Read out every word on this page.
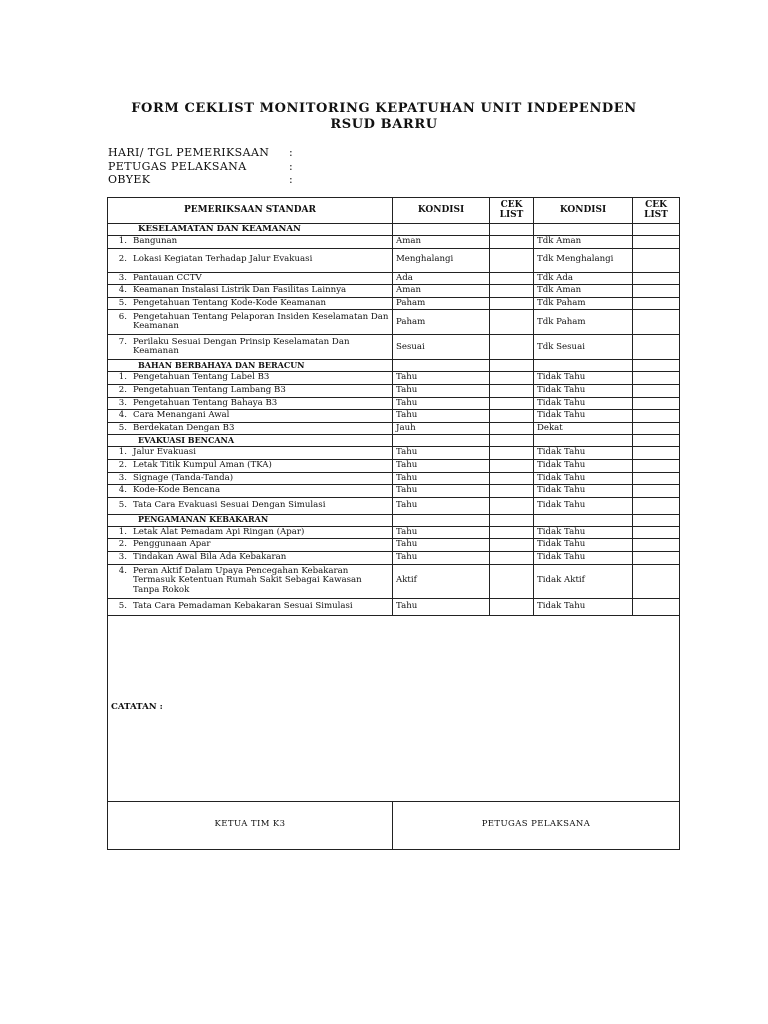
FORM CEKLIST MONITORING KEPATUHAN UNIT INDEPENDEN
RSUD BARRU
HARI/ TGL PEMERIKSAAN	:
PETUGAS PELAKSANA	:
OBYEK	:
PEMERIKSAAN STANDAR	KONDISI	CEK LIST	KONDISI	CEK LIST
KESELAMATAN DAN KEAMANAN				

1. Bangunan	Aman		Tdk Aman	

2. Lokasi Kegiatan Terhadap Jalur Evakuasi	Menghalangi		Tdk Menghalangi	

3. Pantauan CCTV	Ada		Tdk Ada	

4. Keamanan Instalasi Listrik Dan Fasilitas Lainnya	Aman		Tdk Aman	

5. Pengetahuan Tentang Kode-Kode Keamanan	Paham		Tdk Paham	

6. Pengetahuan Tentang Pelaporan Insiden Keselamatan Dan Keamanan	Paham		Tdk Paham	

7. Perilaku Sesuai Dengan Prinsip Keselamatan Dan Keamanan	Sesuai		Tdk Sesuai	
BAHAN BERBAHAYA DAN BERACUN				

1. Pengetahuan Tentang Label B3	Tahu		Tidak Tahu	

2. Pengetahuan Tentang Lambang B3	Tahu		Tidak Tahu	

3. Pengetahuan Tentang Bahaya B3	Tahu		Tidak Tahu	

4. Cara Menangani Awal	Tahu		Tidak Tahu	

5. Berdekatan Dengan B3	Jauh		Dekat	
EVAKUASI BENCANA				

1. Jalur Evakuasi	Tahu		Tidak Tahu	

2. Letak Titik Kumpul Aman (TKA)	Tahu		Tidak Tahu	

3. Signage (Tanda-Tanda)	Tahu		Tidak Tahu	

4. Kode-Kode Bencana	Tahu		Tidak Tahu	

5. Tata Cara Evakuasi Sesuai Dengan Simulasi	Tahu		Tidak Tahu	
PENGAMANAN KEBAKARAN				

1. Letak Alat Pemadam Api Ringan (Apar)	Tahu		Tidak Tahu	

2. Penggunaan Apar	Tahu		Tidak Tahu	

3. Tindakan Awal Bila Ada Kebakaran	Tahu		Tidak Tahu	

4. Peran Aktif Dalam Upaya Pencegahan Kebakaran Termasuk Ketentuan Rumah Sakit Sebagai Kawasan Tanpa Rokok	Aktif		Tidak Aktif	

5. Tata Cara Pemadaman Kebakaran Sesuai Simulasi	Tahu		Tidak Tahu	
CATATAN :				
KETUA TIM K3	PETUGAS PELAKSANA			
